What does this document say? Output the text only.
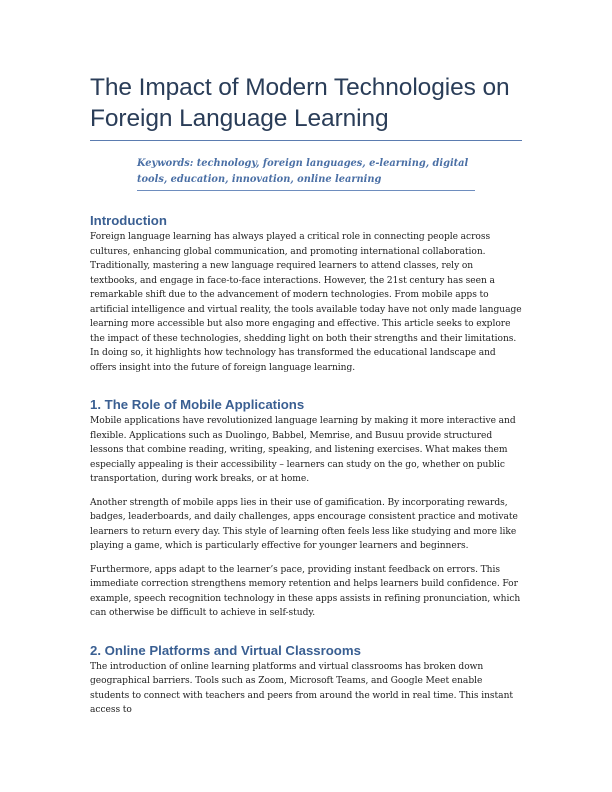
The Impact of Modern Technologies on Foreign Language Learning
Keywords: technology, foreign languages, e-learning, digital tools, education, innovation, online learning
Introduction

Foreign language learning has always played a critical role in connecting people across cultures, enhancing global communication, and promoting international collaboration. Traditionally, mastering a new language required learners to attend classes, rely on textbooks, and engage in face-to-face interactions. However, the 21st century has seen a remarkable shift due to the advancement of modern technologies. From mobile apps to artificial intelligence and virtual reality, the tools available today have not only made language learning more accessible but also more engaging and effective. This article seeks to explore the impact of these technologies, shedding light on both their strengths and their limitations. In doing so, it highlights how technology has transformed the educational landscape and offers insight into the future of foreign language learning.

1. The Role of Mobile Applications

Mobile applications have revolutionized language learning by making it more interactive and flexible. Applications such as Duolingo, Babbel, Memrise, and Busuu provide structured lessons that combine reading, writing, speaking, and listening exercises. What makes them especially appealing is their accessibility – learners can study on the go, whether on public transportation, during work breaks, or at home.

Another strength of mobile apps lies in their use of gamification. By incorporating rewards, badges, leaderboards, and daily challenges, apps encourage consistent practice and motivate learners to return every day. This style of learning often feels less like studying and more like playing a game, which is particularly effective for younger learners and beginners.

Furthermore, apps adapt to the learner’s pace, providing instant feedback on errors. This immediate correction strengthens memory retention and helps learners build confidence. For example, speech recognition technology in these apps assists in refining pronunciation, which can otherwise be difficult to achieve in self-study.

2. Online Platforms and Virtual Classrooms

The introduction of online learning platforms and virtual classrooms has broken down geographical barriers. Tools such as Zoom, Microsoft Teams, and Google Meet enable students to connect with teachers and peers from around the world in real time. This instant access to
